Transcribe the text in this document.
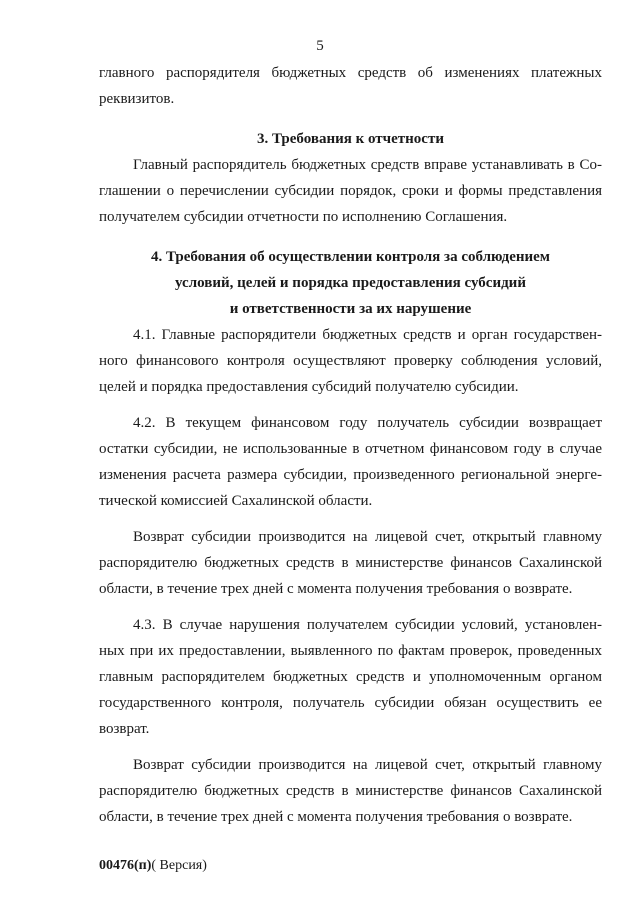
5
главного распорядителя бюджетных средств об изменениях платежных
реквизитов.
3. Требования к отчетности
Главный распорядитель бюджетных средств вправе устанавливать в Со-
глашении о перечислении субсидии порядок, сроки и формы представления
получателем субсидии отчетности по исполнению Соглашения.
4. Требования об осуществлении контроля за соблюдением
условий, целей и порядка предоставления субсидий
и ответственности за их нарушение
4.1. Главные распорядители бюджетных средств и орган государствен-
ного финансового контроля осуществляют проверку соблюдения условий,
целей и порядка предоставления субсидий получателю субсидии.
4.2. В текущем финансовом году получатель субсидии возвращает
остатки субсидии, не использованные в отчетном финансовом году в случае
изменения расчета размера субсидии, произведенного региональной энерге-
тической комиссией Сахалинской области.
Возврат субсидии производится на лицевой счет, открытый главному
распорядителю бюджетных средств в министерстве финансов Сахалинской
области, в течение трех дней с момента получения требования о возврате.
4.3. В случае нарушения получателем субсидии условий, установлен-
ных при их предоставлении, выявленного по фактам проверок, проведенных
главным распорядителем бюджетных средств и уполномоченным органом
государственного контроля, получатель субсидии обязан осуществить ее
возврат.
Возврат субсидии производится на лицевой счет, открытый главному
распорядителю бюджетных средств в министерстве финансов Сахалинской
области, в течение трех дней с момента получения требования о возврате.
00476(п)( Версия)
